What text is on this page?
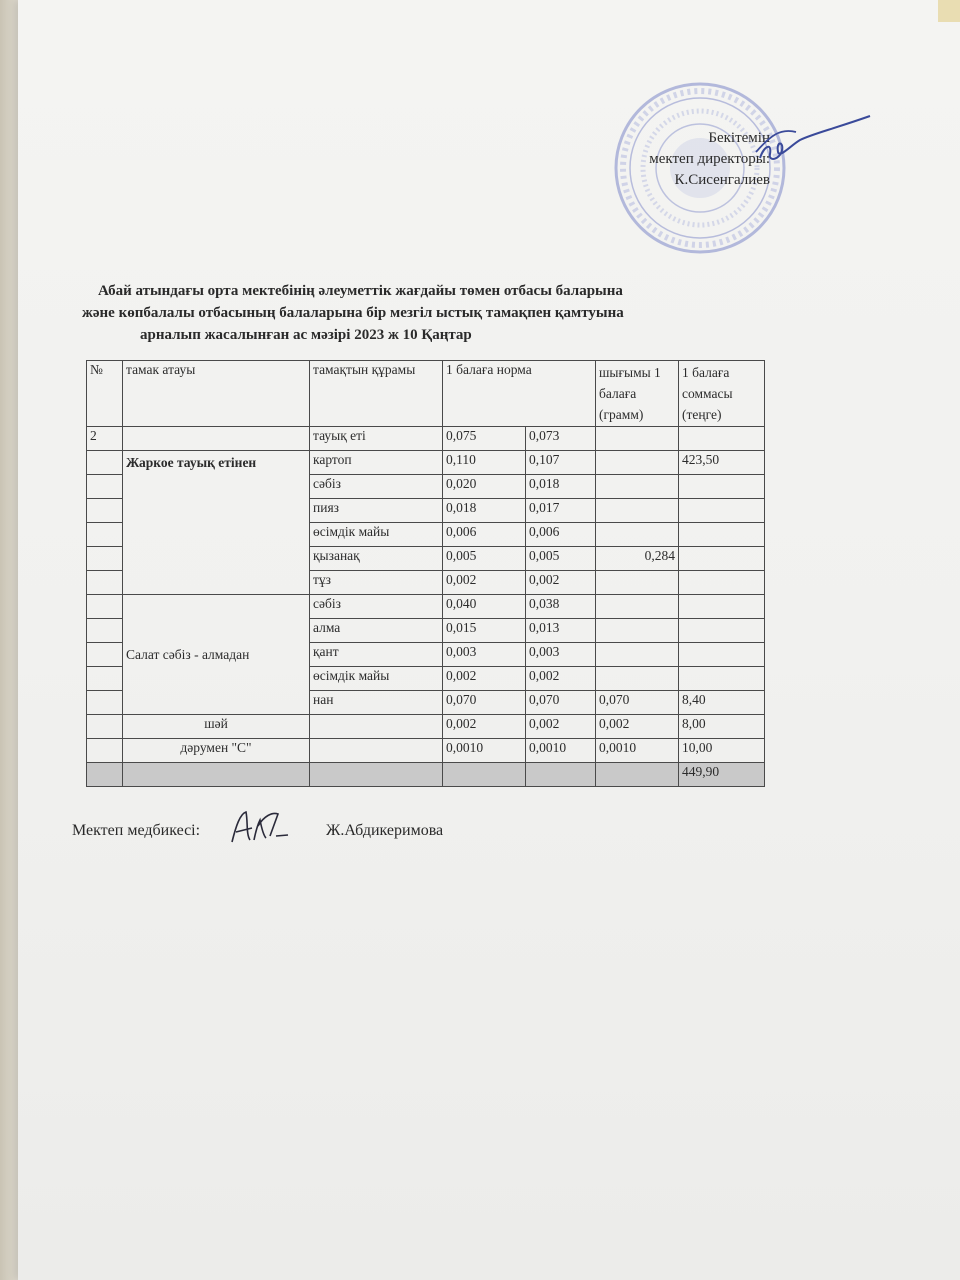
Бекітемін
мектеп директоры:
К.Сисенгалиев
Абай атындағы орта мектебінің әлеуметтік жағдайы төмен отбасы баларына
және көпбалалы отбасының балаларына бір мезгіл ыстық тамақпен қамтуына
арналып жасалынған ас мәзірі 2023 ж 10 Қаңтар
№	тамак атауы	тамақтын құрамы	1 балаға норма		шығымы 1 балаға (грамм)	1 балаға соммасы (теңге)
2		тауық еті	0,075	0,073		
	Жаркое тауық етінен	картоп	0,110	0,107		423,50
		сәбіз	0,020	0,018		
		пияз	0,018	0,017		
		өсімдік майы	0,006	0,006		
		қызанақ	0,005	0,005	0,284	
		тұз	0,002	0,002		
	Салат сәбіз - алмадан	сәбіз	0,040	0,038		
		алма	0,015	0,013		
		қант	0,003	0,003		
		өсімдік майы	0,002	0,002		
		нан	0,070	0,070	0,070	8,40
	шәй		0,002	0,002	0,002	8,00
	дәрумен "С"		0,0010	0,0010	0,0010	10,00
						449,90
Мектеп медбикесі:	Ж.Абдикеримова
